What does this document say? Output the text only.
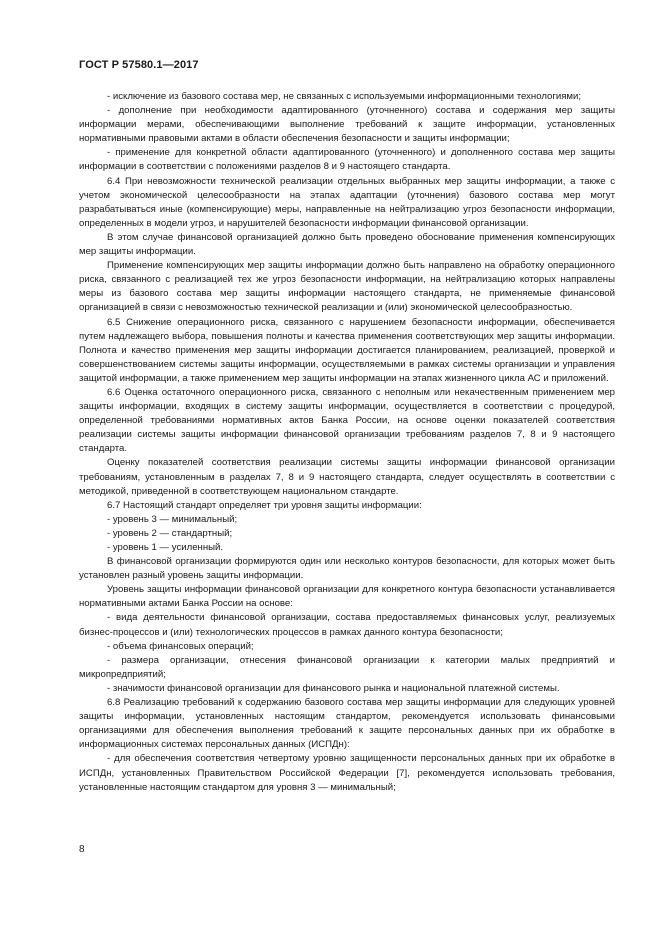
ГОСТ Р 57580.1—2017

- исключение из базового состава мер, не связанных с используемыми информационными технологиями;

- дополнение при необходимости адаптированного (уточненного) состава и содержания мер защиты информации мерами, обеспечивающими выполнение требований к защите информации, установленных нормативными правовыми актами в области обеспечения безопасности и защиты информации;

- применение для конкретной области адаптированного (уточненного) и дополненного состава мер защиты информации в соответствии с положениями разделов 8 и 9 настоящего стандарта.

6.4 При невозможности технической реализации отдельных выбранных мер защиты информации, а также с учетом экономической целесообразности на этапах адаптации (уточнения) базового состава мер могут разрабатываться иные (компенсирующие) меры, направленные на нейтрализацию угроз безопасности информации, определенных в модели угроз, и нарушителей безопасности информации финансовой организации.

В этом случае финансовой организацией должно быть проведено обоснование применения компенсирующих мер защиты информации.

Применение компенсирующих мер защиты информации должно быть направлено на обработку операционного риска, связанного с реализацией тех же угроз безопасности информации, на нейтрализацию которых направлены меры из базового состава мер защиты информации настоящего стандарта, не применяемые финансовой организацией в связи с невозможностью технической реализации и (или) экономической целесообразностью.

6.5 Снижение операционного риска, связанного с нарушением безопасности информации, обеспечивается путем надлежащего выбора, повышения полноты и качества применения соответствующих мер защиты информации. Полнота и качество применения мер защиты информации достигается планированием, реализацией, проверкой и совершенствованием системы защиты информации, осуществляемыми в рамках системы организации и управления защитой информации, а также применением мер защиты информации на этапах жизненного цикла АС и приложений.

6.6 Оценка остаточного операционного риска, связанного с неполным или некачественным применением мер защиты информации, входящих в систему защиты информации, осуществляется в соответствии с процедурой, определенной требованиями нормативных актов Банка России, на основе оценки показателей соответствия реализации системы защиты информации финансовой организации требованиям разделов 7, 8 и 9 настоящего стандарта.

Оценку показателей соответствия реализации системы защиты информации финансовой организации требованиям, установленным в разделах 7, 8 и 9 настоящего стандарта, следует осуществлять в соответствии с методикой, приведенной в соответствующем национальном стандарте.

6.7 Настоящий стандарт определяет три уровня защиты информации:

- уровень 3 — минимальный;

- уровень 2 — стандартный;

- уровень 1 — усиленный.

В финансовой организации формируются один или несколько контуров безопасности, для которых может быть установлен разный уровень защиты информации.

Уровень защиты информации финансовой организации для конкретного контура безопасности устанавливается нормативными актами Банка России на основе:

- вида деятельности финансовой организации, состава предоставляемых финансовых услуг, реализуемых бизнес-процессов и (или) технологических процессов в рамках данного контура безопасности;

- объема финансовых операций;

- размера организации, отнесения финансовой организации к категории малых предприятий и микропредприятий;

- значимости финансовой организации для финансового рынка и национальной платежной системы.

6.8 Реализацию требований к содержанию базового состава мер защиты информации для следующих уровней защиты информации, установленных настоящим стандартом, рекомендуется использовать финансовыми организациями для обеспечения выполнения требований к защите персональных данных при их обработке в информационных системах персональных данных (ИСПДн):

- для обеспечения соответствия четвертому уровню защищенности персональных данных при их обработке в ИСПДн, установленных Правительством Российской Федерации [7], рекомендуется использовать требования, установленные настоящим стандартом для уровня 3 — минимальный;

8
